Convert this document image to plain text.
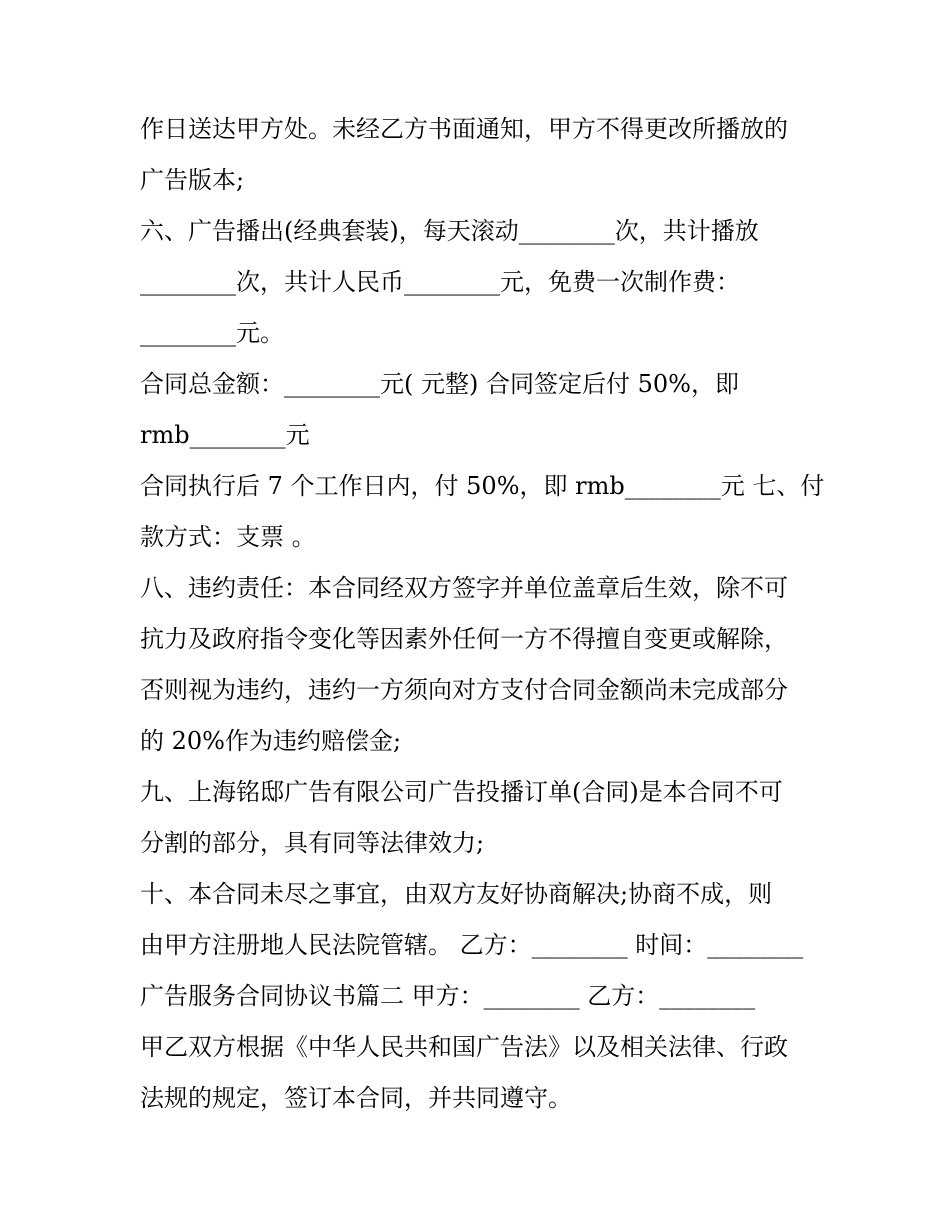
作日送达甲方处。未经乙方书面通知，甲方不得更改所播放的
广告版本;
六、广告播出(经典套装)，每天滚动________次，共计播放
________次，共计人民币________元，免费一次制作费：
________元。
合同总金额：________元( 元整) 合同签定后付 50%，即
rmb________元
合同执行后 7 个工作日内，付 50%，即 rmb________元 七、付
款方式：支票 。
八、违约责任：本合同经双方签字并单位盖章后生效，除不可
抗力及政府指令变化等因素外任何一方不得擅自变更或解除，
否则视为违约，违约一方须向对方支付合同金额尚未完成部分
的 20%作为违约赔偿金;
九、上海铭邸广告有限公司广告投播订单(合同)是本合同不可
分割的部分，具有同等法律效力;
十、本合同未尽之事宜，由双方友好协商解决;协商不成，则
由甲方注册地人民法院管辖。 乙方：________ 时间：________
广告服务合同协议书篇二 甲方：________ 乙方：________
甲乙双方根据《中华人民共和国广告法》以及相关法律、行政
法规的规定，签订本合同，并共同遵守。
